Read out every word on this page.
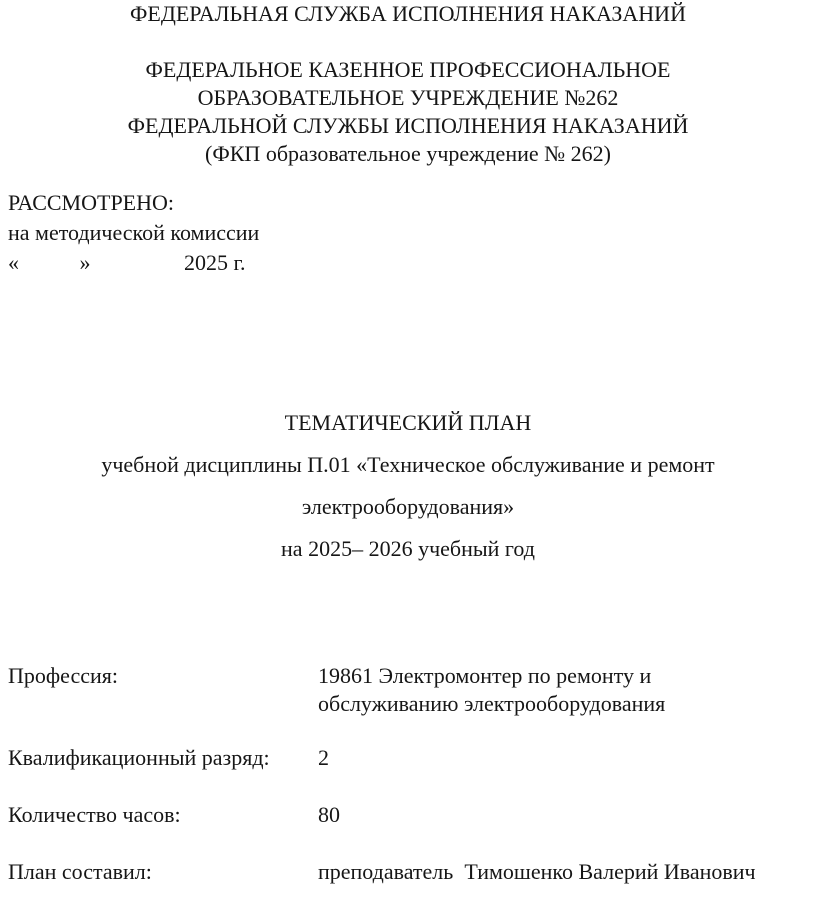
ФЕДЕРАЛЬНАЯ СЛУЖБА ИСПОЛНЕНИЯ НАКАЗАНИЙ
ФЕДЕРАЛЬНОЕ КАЗЕННОЕ ПРОФЕССИОНАЛЬНОЕ
ОБРАЗОВАТЕЛЬНОЕ УЧРЕЖДЕНИЕ №262
ФЕДЕРАЛЬНОЙ СЛУЖБЫ ИСПОЛНЕНИЯ НАКАЗАНИЙ
(ФКП образовательное учреждение № 262)
РАССМОТРЕНО:
на методической комиссии
«           »                 2025 г.
ТЕМАТИЧЕСКИЙ ПЛАН
учебной дисциплины П.01 «Техническое обслуживание и ремонт
электрооборудования»
на 2025– 2026 учебный год
Профессия:	19861 Электромонтер по ремонту и обслуживанию электрооборудования
Квалификационный разряд:	2
Количество часов:	80
План составил:	преподаватель  Тимошенко Валерий Иванович
